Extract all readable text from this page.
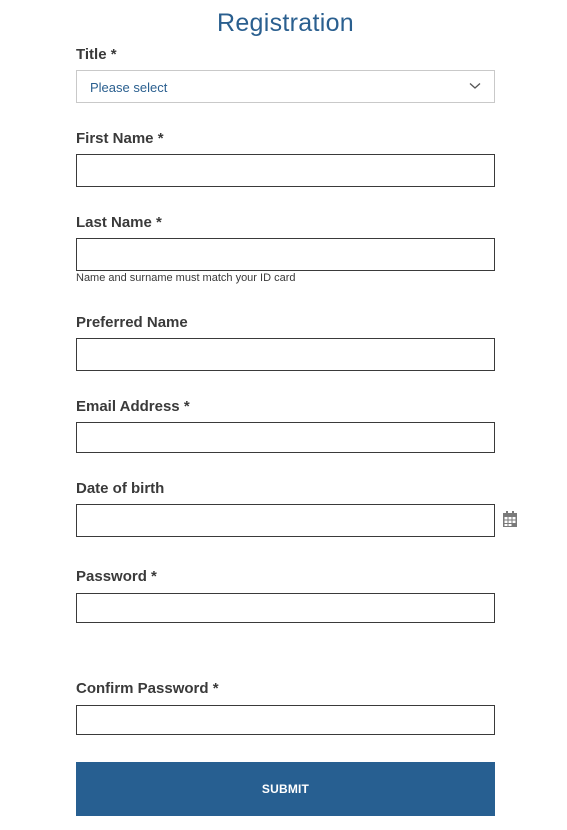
Registration
Title *
Please select
First Name *
Last Name *
Name and surname must match your ID card
Preferred Name
Email Address *
Date of birth
Password *
Confirm Password *
SUBMIT
